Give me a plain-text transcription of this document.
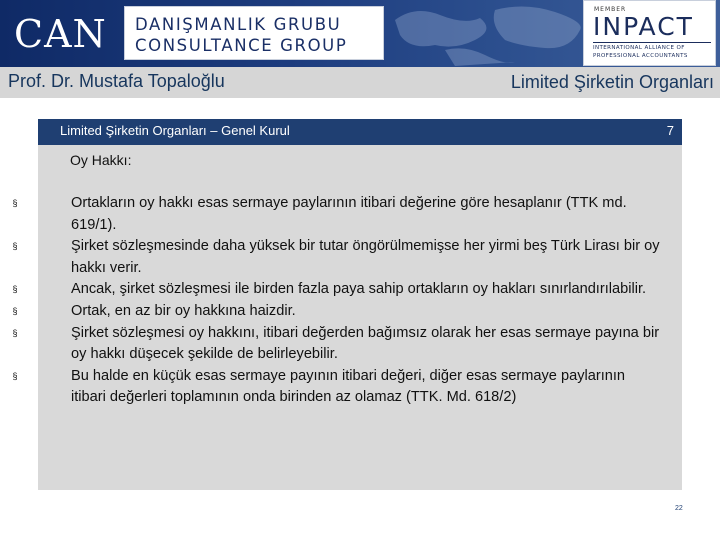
CAN DANIŞMANLIK GRUBU
CONSULTANCE GROUP
MEMBER
INPACT
INTERNATIONAL ALLIANCE OF
PROFESSIONAL ACCOUNTANTS
Prof. Dr. Mustafa Topaloğlu	Limited Şirketin Organları
Limited Şirketin Organları – Genel Kurul	7
Oy Hakkı:
§	Ortakların oy hakkı esas sermaye paylarının itibari değerine göre hesaplanır (TTK md. 619/1).
§	Şirket sözleşmesinde daha yüksek bir tutar öngörülmemişse her yirmi beş Türk Lirası bir oy hakkı verir.
§	Ancak, şirket sözleşmesi ile birden fazla paya sahip ortakların oy hakları sınırlandırılabilir.
§	Ortak, en az bir oy hakkına haizdir.
§	Şirket sözleşmesi oy hakkını, itibari değerden bağımsız olarak her esas sermaye payına bir oy hakkı düşecek şekilde de belirleyebilir.
§	Bu halde en küçük esas sermaye payının itibari değeri, diğer esas sermaye paylarının itibari değerleri toplamının onda birinden az olamaz (TTK. Md. 618/2)
22
